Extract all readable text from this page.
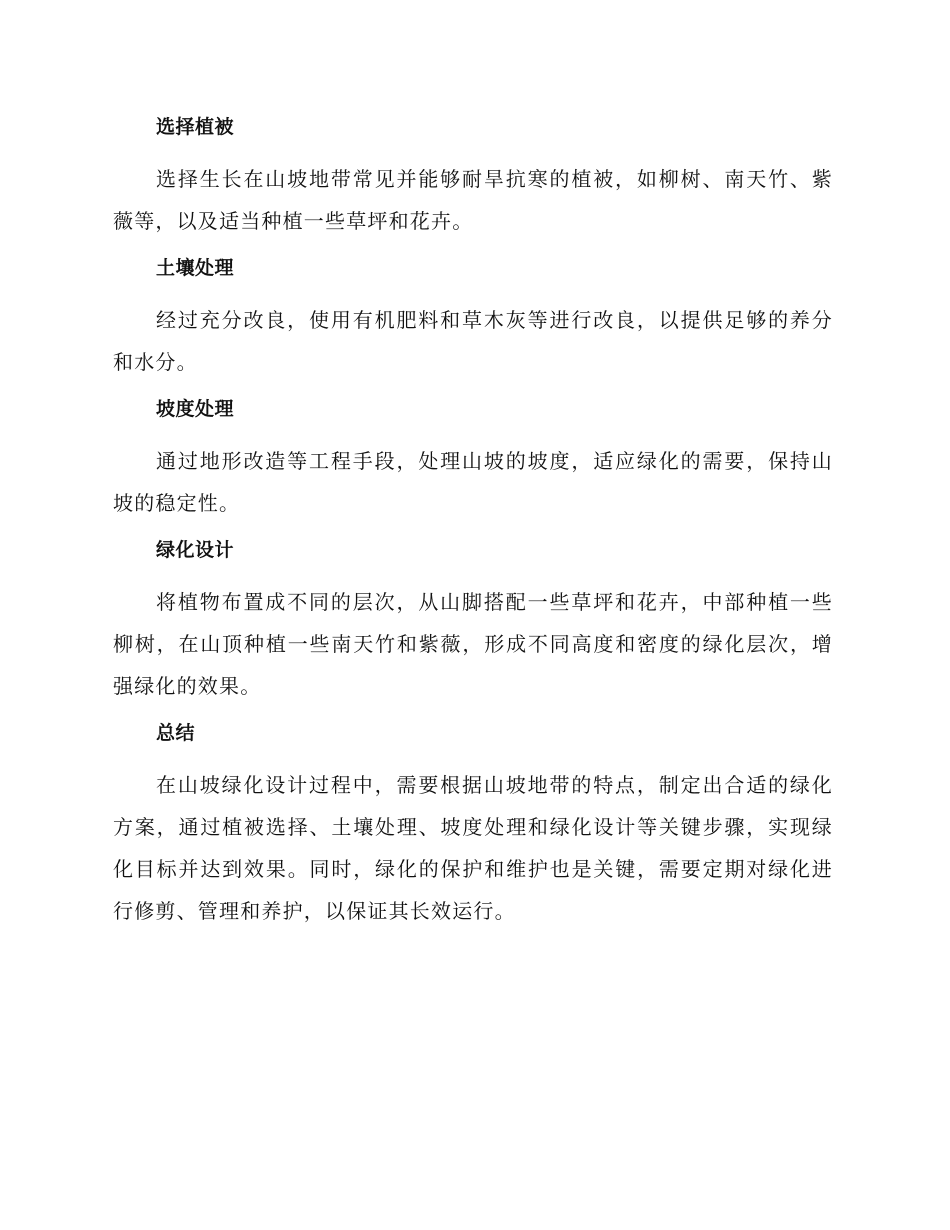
选择植被

选择生长在山坡地带常见并能够耐旱抗寒的植被，如柳树、南天竹、紫薇等，以及适当种植一些草坪和花卉。

土壤处理

经过充分改良，使用有机肥料和草木灰等进行改良，以提供足够的养分和水分。

坡度处理

通过地形改造等工程手段，处理山坡的坡度，适应绿化的需要，保持山坡的稳定性。

绿化设计

将植物布置成不同的层次，从山脚搭配一些草坪和花卉，中部种植一些柳树，在山顶种植一些南天竹和紫薇，形成不同高度和密度的绿化层次，增强绿化的效果。

总结

在山坡绿化设计过程中，需要根据山坡地带的特点，制定出合适的绿化方案，通过植被选择、土壤处理、坡度处理和绿化设计等关键步骤，实现绿化目标并达到效果。同时，绿化的保护和维护也是关键，需要定期对绿化进行修剪、管理和养护，以保证其长效运行。
